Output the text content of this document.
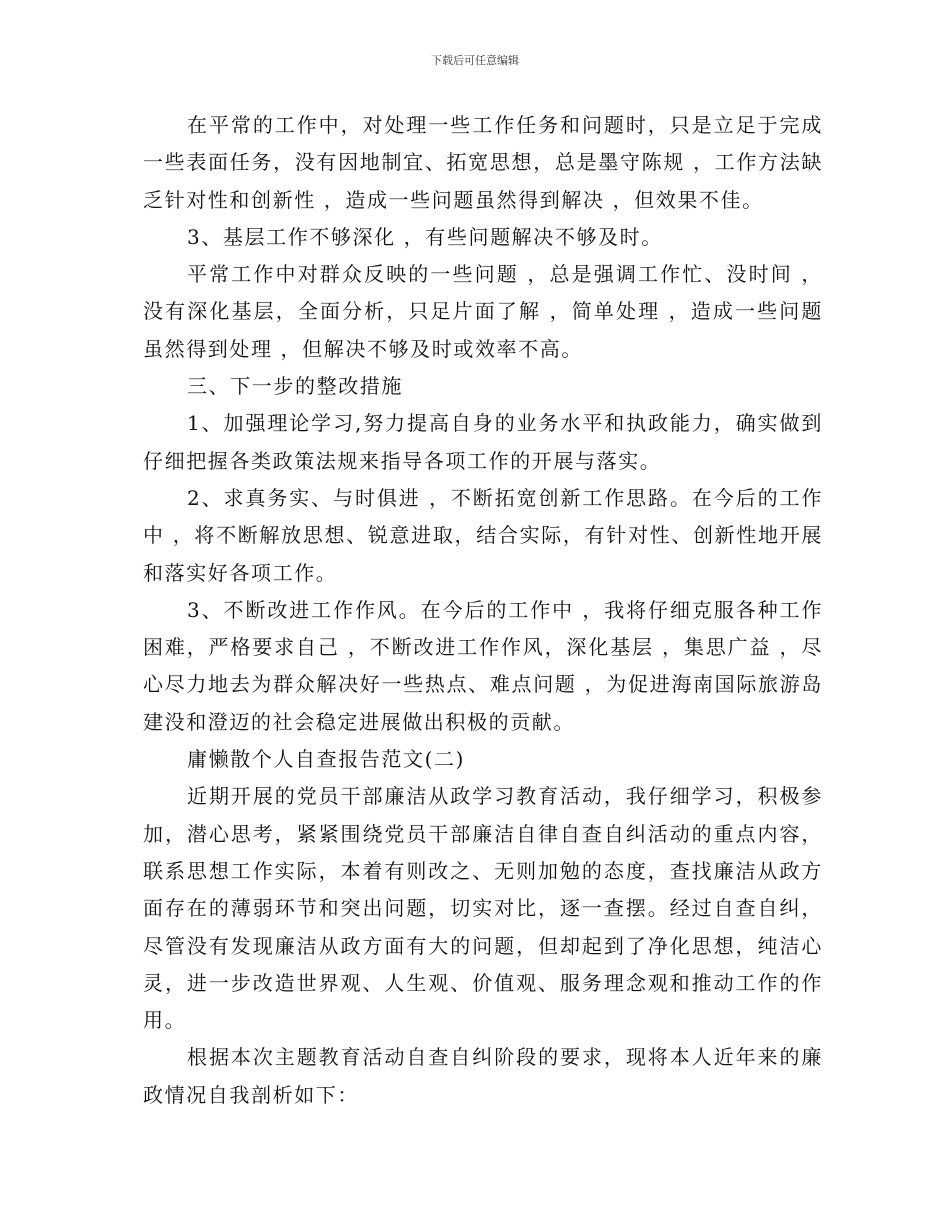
下载后可任意编辑

在平常的工作中，对处理一些工作任务和问题时，只是立足于完成一些表面任务，没有因地制宜、拓宽思想，总是墨守陈规 ，工作方法缺乏针对性和创新性 ，造成一些问题虽然得到解决 ，但效果不佳。

3、基层工作不够深化 ，有些问题解决不够及时。

平常工作中对群众反映的一些问题 ，总是强调工作忙、没时间 ，没有深化基层，全面分析，只足片面了解 ，简单处理 ，造成一些问题虽然得到处理 ，但解决不够及时或效率不高。

三、下一步的整改措施

1、加强理论学习,努力提高自身的业务水平和执政能力，确实做到仔细把握各类政策法规来指导各项工作的开展与落实。

2、求真务实、与时俱进 ，不断拓宽创新工作思路。在今后的工作中 ，将不断解放思想、锐意进取，结合实际，有针对性、创新性地开展和落实好各项工作。

3、不断改进工作作风。在今后的工作中 ，我将仔细克服各种工作困难，严格要求自己 ，不断改进工作作风，深化基层 ，集思广益 ，尽心尽力地去为群众解决好一些热点、难点问题 ，为促进海南国际旅游岛建没和澄迈的社会稳定进展做出积极的贡献。

庸懒散个人自查报告范文(二)

近期开展的党员干部廉洁从政学习教育活动，我仔细学习，积极参加，潜心思考，紧紧围绕党员干部廉洁自律自查自纠活动的重点内容，联系思想工作实际，本着有则改之、无则加勉的态度，查找廉洁从政方面存在的薄弱环节和突出问题，切实对比，逐一查摆。经过自查自纠，尽管没有发现廉洁从政方面有大的问题，但却起到了净化思想，纯洁心灵，进一步改造世界观、人生观、价值观、服务理念观和推动工作的作用。

根据本次主题教育活动自查自纠阶段的要求，现将本人近年来的廉政情况自我剖析如下：
